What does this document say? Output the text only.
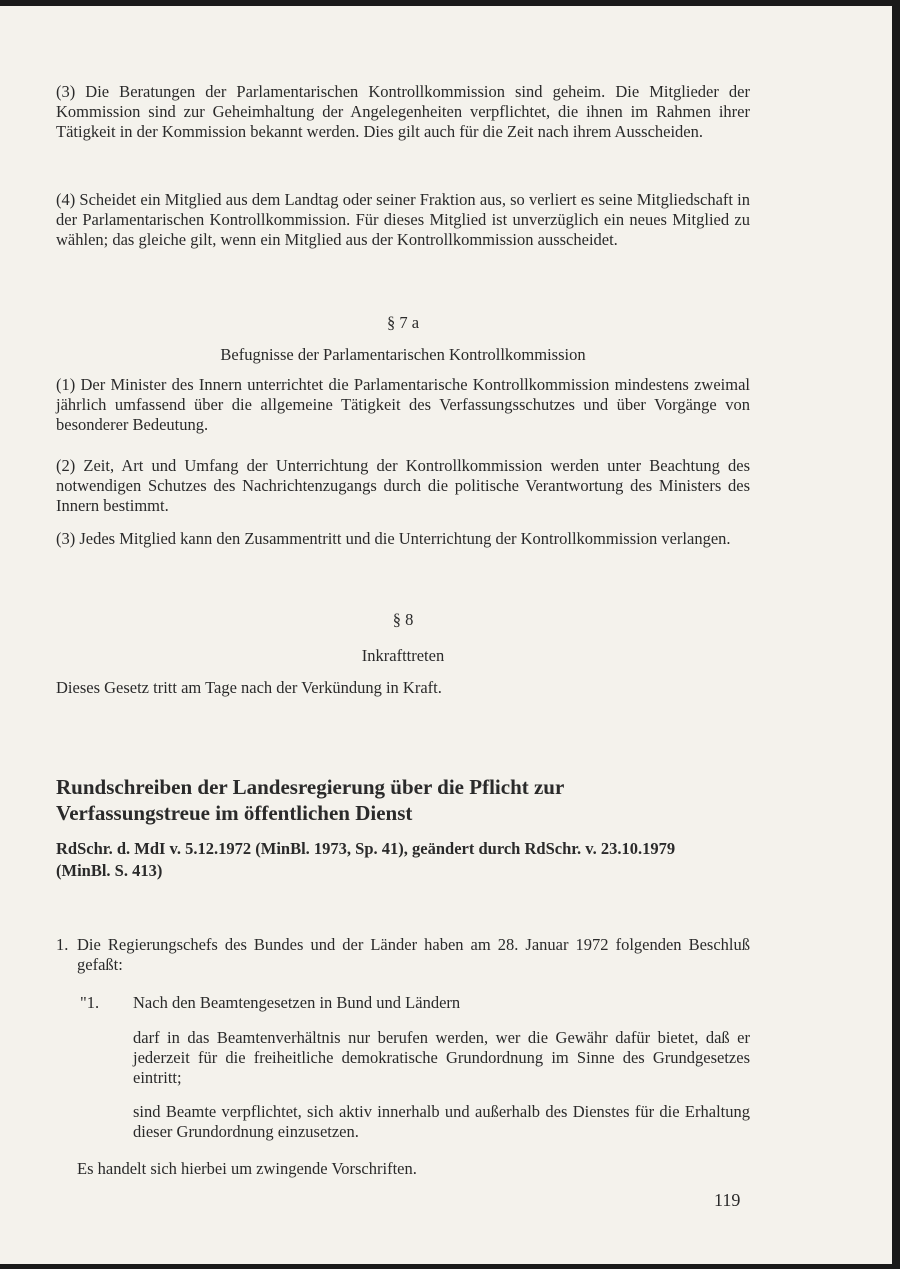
(3) Die Beratungen der Parlamentarischen Kontrollkommission sind geheim. Die Mitglieder der Kommission sind zur Geheimhaltung der Angelegenheiten verpflichtet, die ihnen im Rahmen ihrer Tätigkeit in der Kommission bekannt werden. Dies gilt auch für die Zeit nach ihrem Ausscheiden.

(4) Scheidet ein Mitglied aus dem Landtag oder seiner Fraktion aus, so verliert es seine Mitgliedschaft in der Parlamentarischen Kontrollkommission. Für dieses Mitglied ist unverzüglich ein neues Mitglied zu wählen; das gleiche gilt, wenn ein Mitglied aus der Kontrollkommission ausscheidet.

§ 7 a

Befugnisse der Parlamentarischen Kontrollkommission

(1) Der Minister des Innern unterrichtet die Parlamentarische Kontrollkommission mindestens zweimal jährlich umfassend über die allgemeine Tätigkeit des Verfassungsschutzes und über Vorgänge von besonderer Bedeutung.

(2) Zeit, Art und Umfang der Unterrichtung der Kontrollkommission werden unter Beachtung des notwendigen Schutzes des Nachrichtenzugangs durch die politische Verantwortung des Ministers des Innern bestimmt.

(3) Jedes Mitglied kann den Zusammentritt und die Unterrichtung der Kontrollkommission verlangen.

§ 8

Inkrafttreten

Dieses Gesetz tritt am Tage nach der Verkündung in Kraft.

Rundschreiben der Landesregierung über die Pflicht zur
Verfassungstreue im öffentlichen Dienst

RdSchr. d. MdI v. 5.12.1972 (MinBl. 1973, Sp. 41), geändert durch RdSchr. v. 23.10.1979

(MinBl. S. 413)

1. Die Regierungschefs des Bundes und der Länder haben am 28. Januar 1972 folgenden Beschluß gefaßt:

"1. Nach den Beamtengesetzen in Bund und Ländern

darf in das Beamtenverhältnis nur berufen werden, wer die Gewähr dafür bietet, daß er jederzeit für die freiheitliche demokratische Grundordnung im Sinne des Grundgesetzes eintritt;

sind Beamte verpflichtet, sich aktiv innerhalb und außerhalb des Dienstes für die Erhaltung dieser Grundordnung einzusetzen.

Es handelt sich hierbei um zwingende Vorschriften.

119
